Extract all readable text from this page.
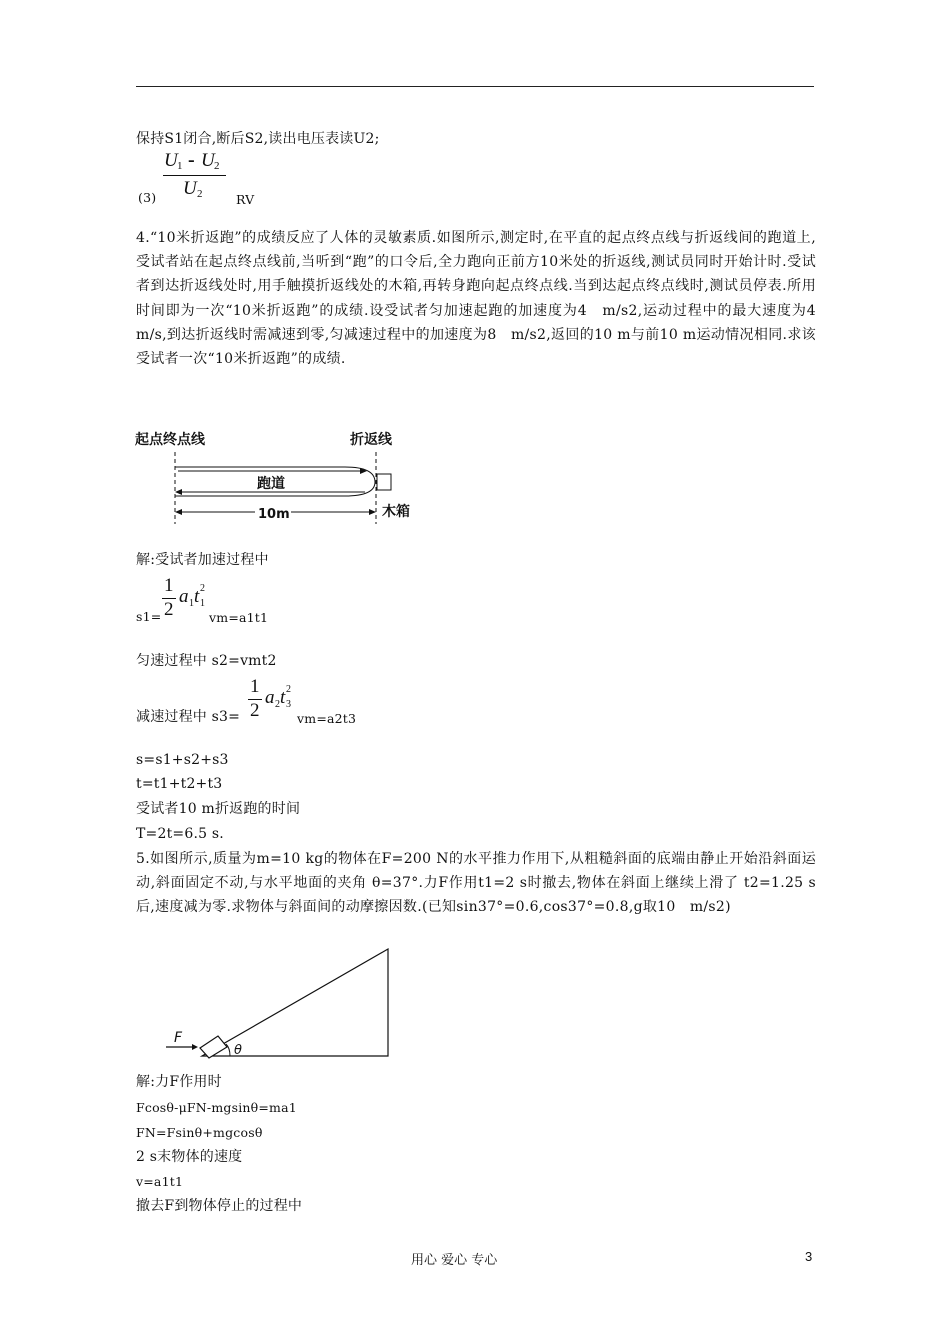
保持S1闭合,断后S2,读出电压表读U2;
U 1 - U 2
U 2
(3)	RV
4.“10米折返跑”的成绩反应了人体的灵敏素质.如图所示,测定时,在平直的起点终点线与折返线间的跑道上,受试者站在起点终点线前,当听到“跑”的口令后,全力跑向正前方10米处的折返线,测试员同时开始计时.受试者到达折返线处时,用手触摸折返线处的木箱,再转身跑向起点终点线.当到达起点终点线时,测试员停表.所用时间即为一次“10米折返跑”的成绩.设受试者匀加速起跑的加速度为4　m/s2,运动过程中的最大速度为4　m/s,到达折返线时需减速到零,匀减速过程中的加速度为8　m/s2,返回的10 m与前10 m运动情况相同.求该受试者一次“10米折返跑”的成绩.
起点终点线	折返线
跑道
10m	木箱
解:受试者加速过程中
1
2
a 1 t 1
2
s1=	vm=a1t1
匀速过程中 s2=vmt2
1
2
a 2 t 3
2
减速过程中 s3=	vm=a2t3
s=s1+s2+s3
t=t1+t2+t3
受试者10 m折返跑的时间
T=2t=6.5 s.
5.如图所示,质量为m=10 kg的物体在F=200 N的水平推力作用下,从粗糙斜面的底端由静止开始沿斜面运动,斜面固定不动,与水平地面的夹角 θ=37°.力F作用t1=2 s时撤去,物体在斜面上继续上滑了 t2=1.25 s后,速度减为零.求物体与斜面间的动摩擦因数.(已知sin37°=0.6,cos37°=0.8,g取10　m/s2)
F
θ
解:力F作用时
Fcosθ-μFN-mgsinθ=ma1
FN=Fsinθ+mgcosθ
2 s末物体的速度
v=a1t1
撤去F到物体停止的过程中
用心 爱心 专心	3
